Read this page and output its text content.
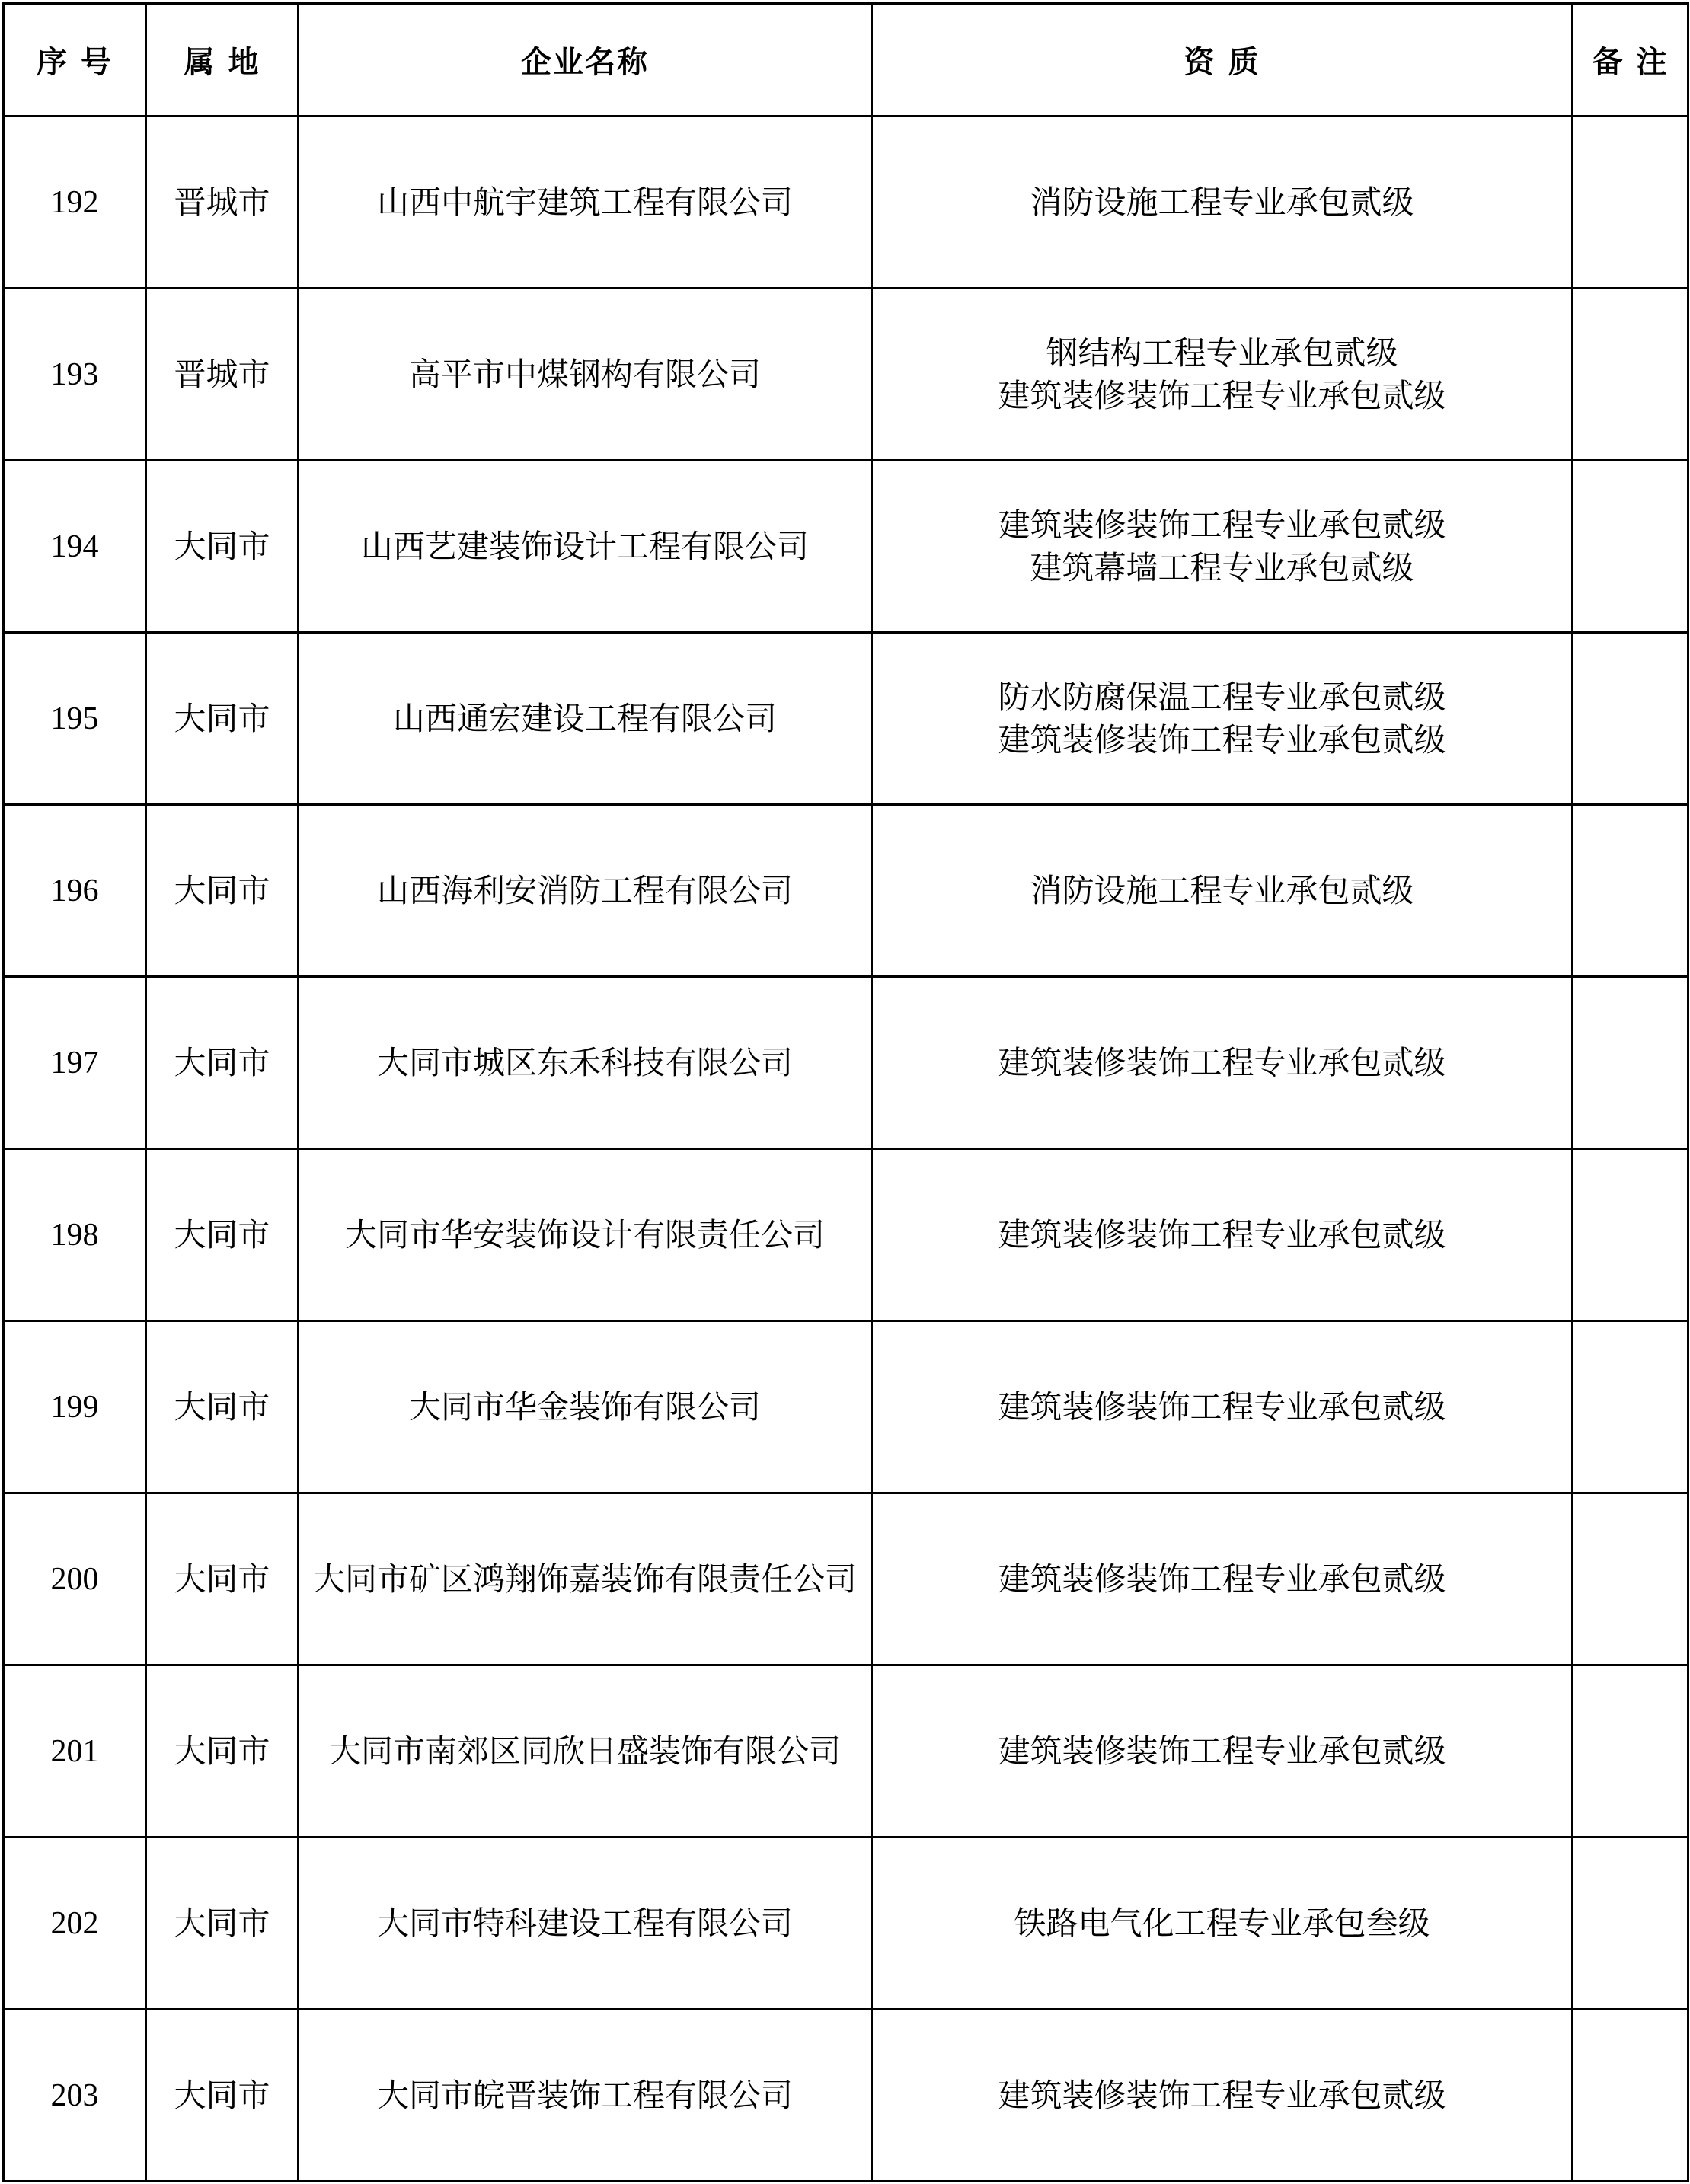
序 号	属 地	企业名称	资 质	备 注
192	晋城市	山西中航宇建筑工程有限公司	消防设施工程专业承包贰级	

193	晋城市	高平市中煤钢构有限公司	钢结构工程专业承包贰级
建筑装修装饰工程专业承包贰级	

194	大同市	山西艺建装饰设计工程有限公司	建筑装修装饰工程专业承包贰级
建筑幕墙工程专业承包贰级	

195	大同市	山西通宏建设工程有限公司	防水防腐保温工程专业承包贰级
建筑装修装饰工程专业承包贰级	

196	大同市	山西海利安消防工程有限公司	消防设施工程专业承包贰级	

197	大同市	大同市城区东禾科技有限公司	建筑装修装饰工程专业承包贰级	

198	大同市	大同市华安装饰设计有限责任公司	建筑装修装饰工程专业承包贰级	

199	大同市	大同市华金装饰有限公司	建筑装修装饰工程专业承包贰级	

200	大同市	大同市矿区鸿翔饰嘉装饰有限责任公司	建筑装修装饰工程专业承包贰级	

201	大同市	大同市南郊区同欣日盛装饰有限公司	建筑装修装饰工程专业承包贰级	

202	大同市	大同市特科建设工程有限公司	铁路电气化工程专业承包叁级	

203	大同市	大同市皖晋装饰工程有限公司	建筑装修装饰工程专业承包贰级	
